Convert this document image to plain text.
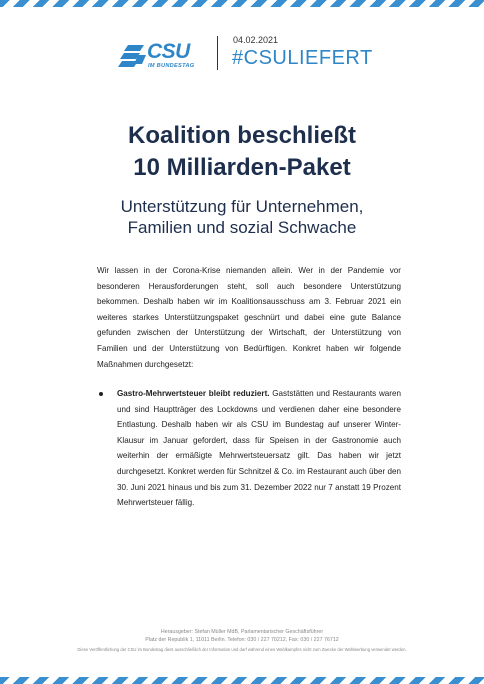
CSU
IM BUNDESTAG
04.02.2021
#CSULIEFERT
Koalition beschließt
10 Milliarden-Paket
Unterstützung für Unternehmen,
Familien und sozial Schwache

Wir lassen in der Corona-Krise niemanden allein. Wer in der Pandemie vor besonderen Herausforderungen steht, soll auch besondere Unterstützung bekommen. Deshalb haben wir im Koalitionsausschuss am 3. Februar 2021 ein weiteres starkes Unterstützungspaket geschnürt und dabei eine gute Balance gefunden zwischen der Unterstützung der Wirtschaft, der Unterstützung von Familien und der Unterstützung von Bedürftigen. Konkret haben wir folgende Maßnahmen durchgesetzt:

Gastro-Mehrwertsteuer bleibt reduziert. Gaststätten und Restaurants waren und sind Hauptträger des Lockdowns und verdienen daher eine besondere Entlastung. Deshalb haben wir als CSU im Bundestag auf unserer Winter-Klausur im Januar gefordert, dass für Speisen in der Gastronomie auch weiterhin der ermäßigte Mehrwertsteuersatz gilt. Das haben wir jetzt durchgesetzt. Konkret werden für Schnitzel & Co. im Restaurant auch über den 30. Juni 2021 hinaus und bis zum 31. Dezember 2022 nur 7 anstatt 19 Prozent Mehrwertsteuer fällig.

Herausgeber: Stefan Müller MdB, Parlamentarischer Geschäftsführer
Platz der Republik 1, 11011 Berlin. Telefon: 030 / 227 70212, Fax: 030 / 227 76712
Diese Veröffentlichung der CSU im Bundestag dient ausschließlich der Information und darf während eines Wahlkampfes nicht zum Zwecke der Wahlwerbung verwendet werden.
